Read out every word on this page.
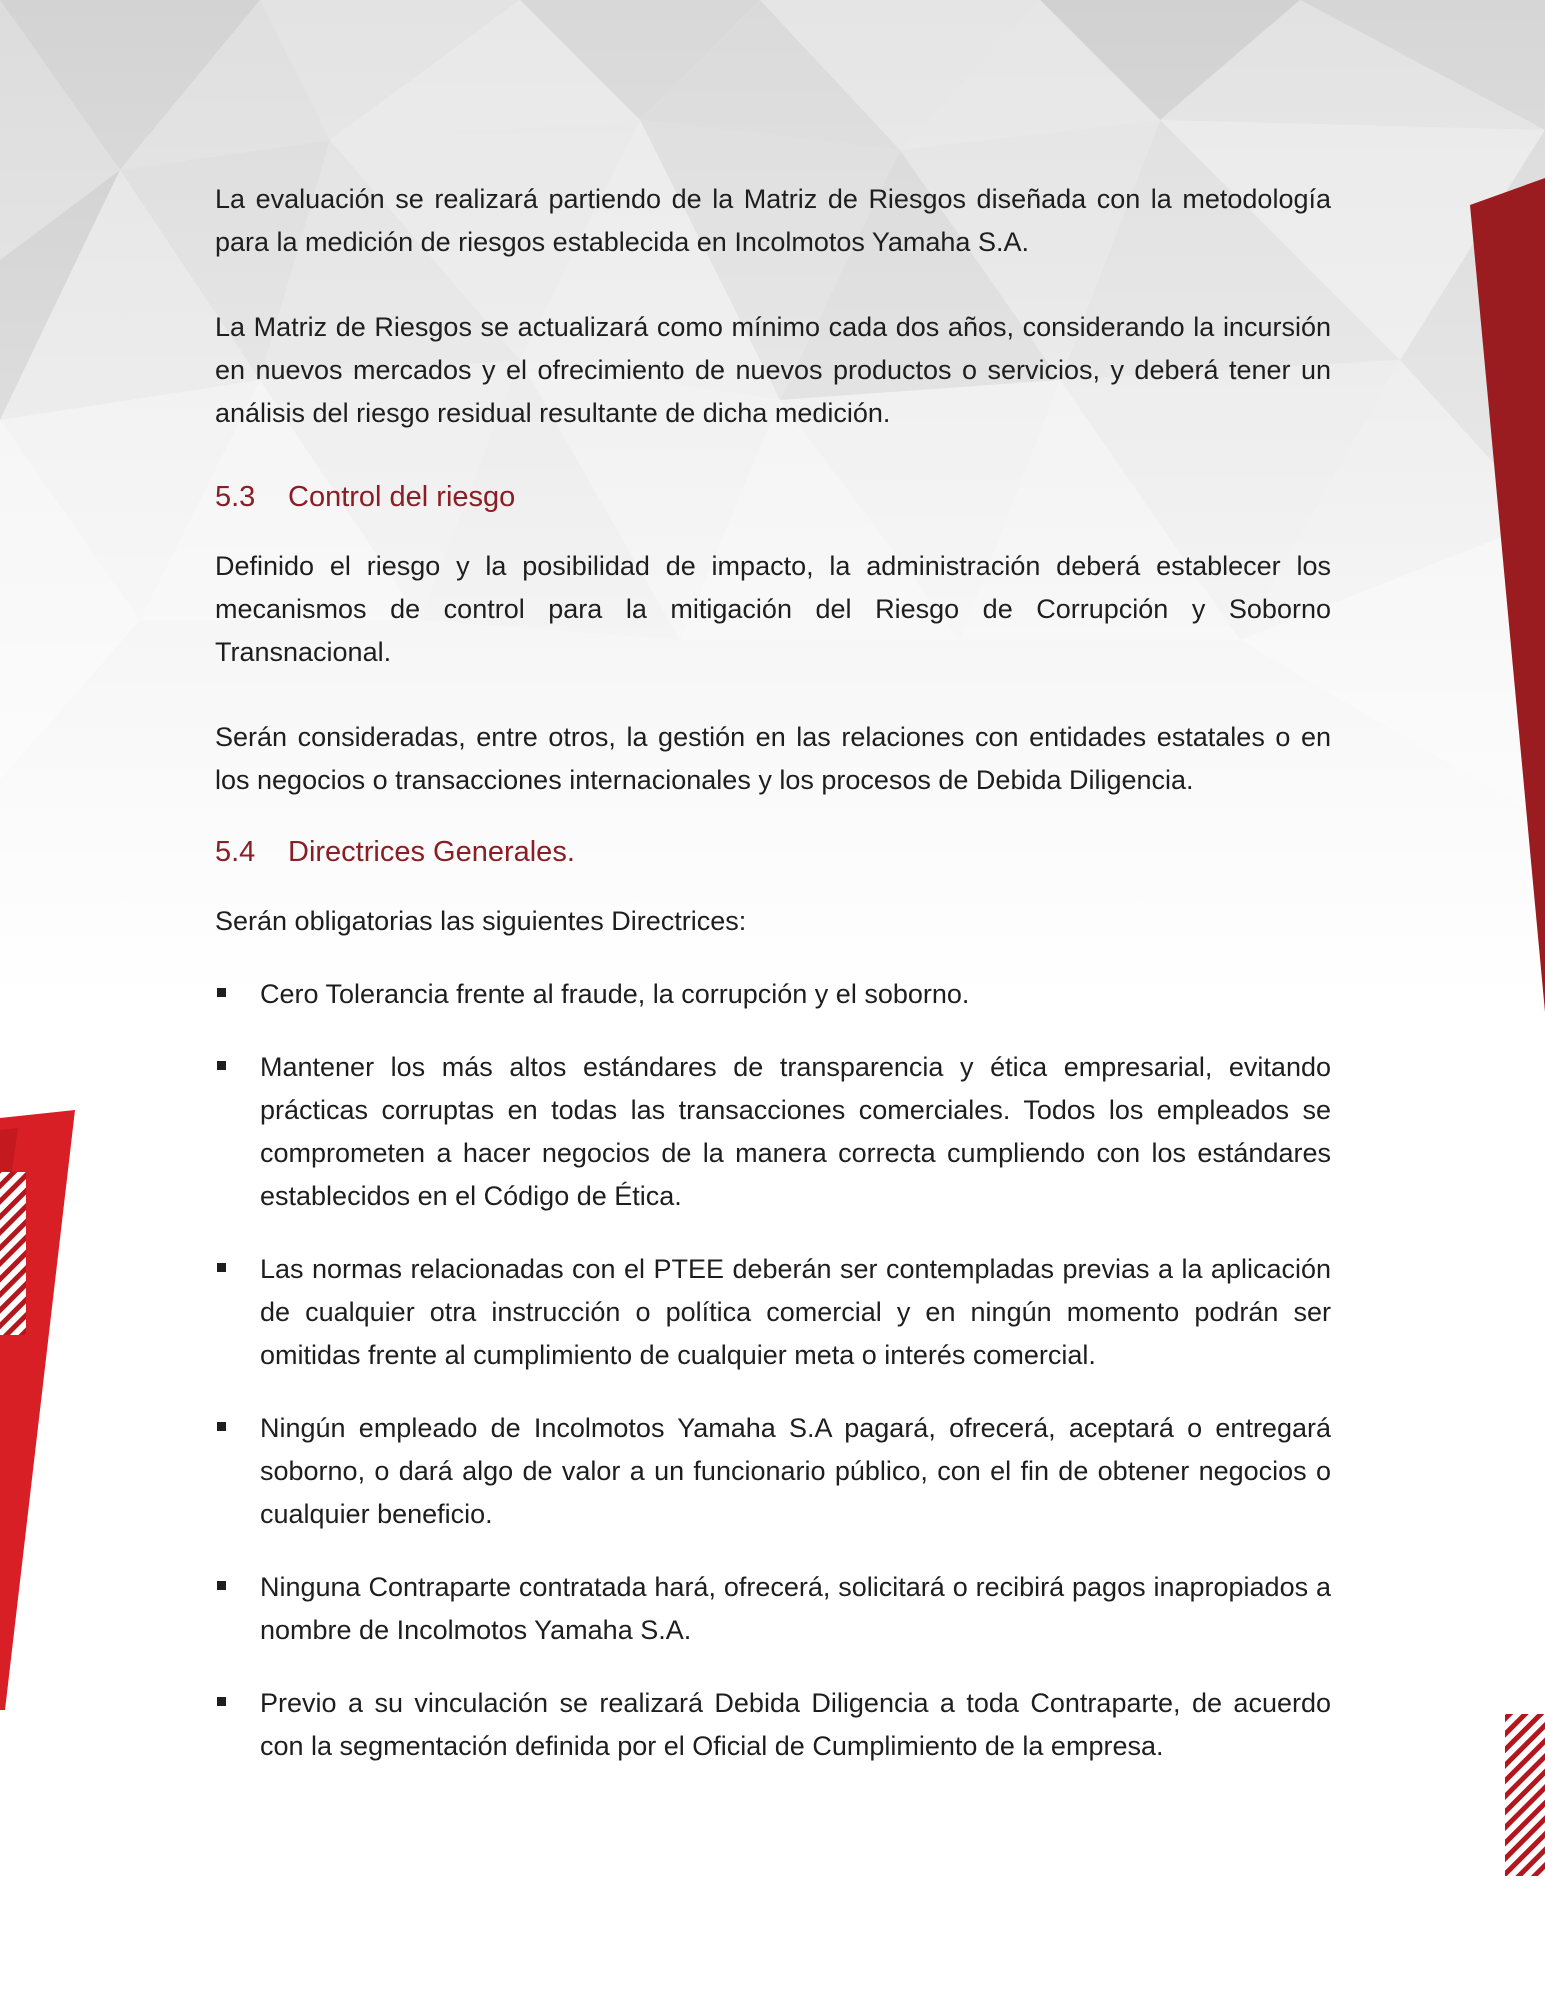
La evaluación se realizará partiendo de la Matriz de Riesgos diseñada con la metodología para la medición de riesgos establecida en Incolmotos Yamaha S.A.

La Matriz de Riesgos se actualizará como mínimo cada dos años, considerando la incursión en nuevos mercados y el ofrecimiento de nuevos productos o servicios, y deberá tener un análisis del riesgo residual resultante de dicha medición.

5.3 Control del riesgo

Definido el riesgo y la posibilidad de impacto, la administración deberá establecer los mecanismos de control para la mitigación del Riesgo de Corrupción y Soborno Transnacional.

Serán consideradas, entre otros, la gestión en las relaciones con entidades estatales o en los negocios o transacciones internacionales y los procesos de Debida Diligencia.

5.4 Directrices Generales.

Serán obligatorias las siguientes Directrices:

Cero Tolerancia frente al fraude, la corrupción y el soborno.
Mantener los más altos estándares de transparencia y ética empresarial, evitando prácticas corruptas en todas las transacciones comerciales. Todos los empleados se comprometen a hacer negocios de la manera correcta cumpliendo con los estándares establecidos en el Código de Ética.
Las normas relacionadas con el PTEE deberán ser contempladas previas a la aplicación de cualquier otra instrucción o política comercial y en ningún momento podrán ser omitidas frente al cumplimiento de cualquier meta o interés comercial.
Ningún empleado de Incolmotos Yamaha S.A pagará, ofrecerá, aceptará o entregará soborno, o dará algo de valor a un funcionario público, con el fin de obtener negocios o cualquier beneficio.
Ninguna Contraparte contratada hará, ofrecerá, solicitará o recibirá pagos inapropiados a nombre de Incolmotos Yamaha S.A.
Previo a su vinculación se realizará Debida Diligencia a toda Contraparte, de acuerdo con la segmentación definida por el Oficial de Cumplimiento de la empresa.
